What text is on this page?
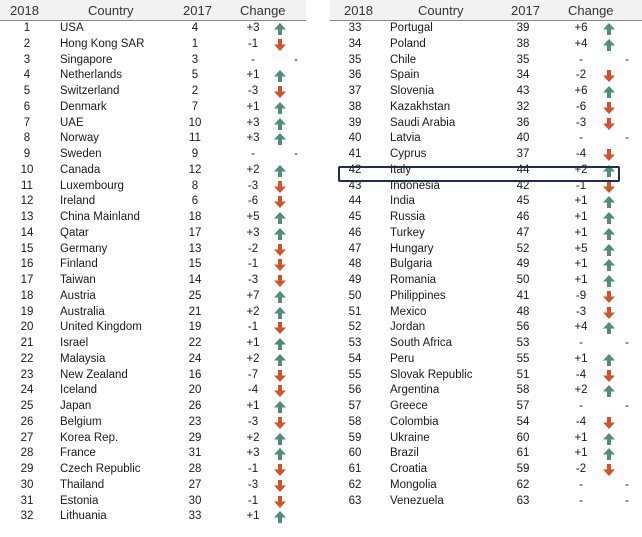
2018	Country	2017 Change
1	USA	4	+3
2	Hong Kong SAR	1	-1
3	Singapore	3	-	-
4	Netherlands	5	+1
5	Switzerland	2	-3
6	Denmark	7	+1
7	UAE	10	+3
8	Norway	11	+3
9	Sweden	9	-	-
10	Canada	12	+2
11	Luxembourg	8	-3
12	Ireland	6	-6
13	China Mainland	18	+5
14	Qatar	17	+3
15	Germany	13	-2
16	Finland	15	-1
17	Taiwan	14	-3
18	Austria	25	+7
19	Australia	21	+2
20	United Kingdom	19	-1
21	Israel	22	+1
22	Malaysia	24	+2
23	New Zealand	16	-7
24	Iceland	20	-4
25	Japan	26	+1
26	Belgium	23	-3
27	Korea Rep.	29	+2
28	France	31	+3
29	Czech Republic	28	-1
30	Thailand	27	-3
31	Estonia	30	-1
32	Lithuania	33	+1
2018	Country	2017 Change
33	Portugal	39	+6
34	Poland	38	+4
35	Chile	35	-	-
36	Spain	34	-2
37	Slovenia	43	+6
38	Kazakhstan	32	-6
39	Saudi Arabia	36	-3
40	Latvia	40	-	-
41	Cyprus	37	-4
42	Italy	44	+2
43	Indonesia	42	-1
44	India	45	+1
45	Russia	46	+1
46	Turkey	47	+1
47	Hungary	52	+5
48	Bulgaria	49	+1
49	Romania	50	+1
50	Philippines	41	-9
51	Mexico	48	-3
52	Jordan	56	+4
53	South Africa	53	-	-
54	Peru	55	+1
55	Slovak Republic	51	-4
56	Argentina	58	+2
57	Greece	57	-	-
58	Colombia	54	-4
59	Ukraine	60	+1
60	Brazil	61	+1
61	Croatia	59	-2
62	Mongolia	62	-	-
63	Venezuela	63	-	-
